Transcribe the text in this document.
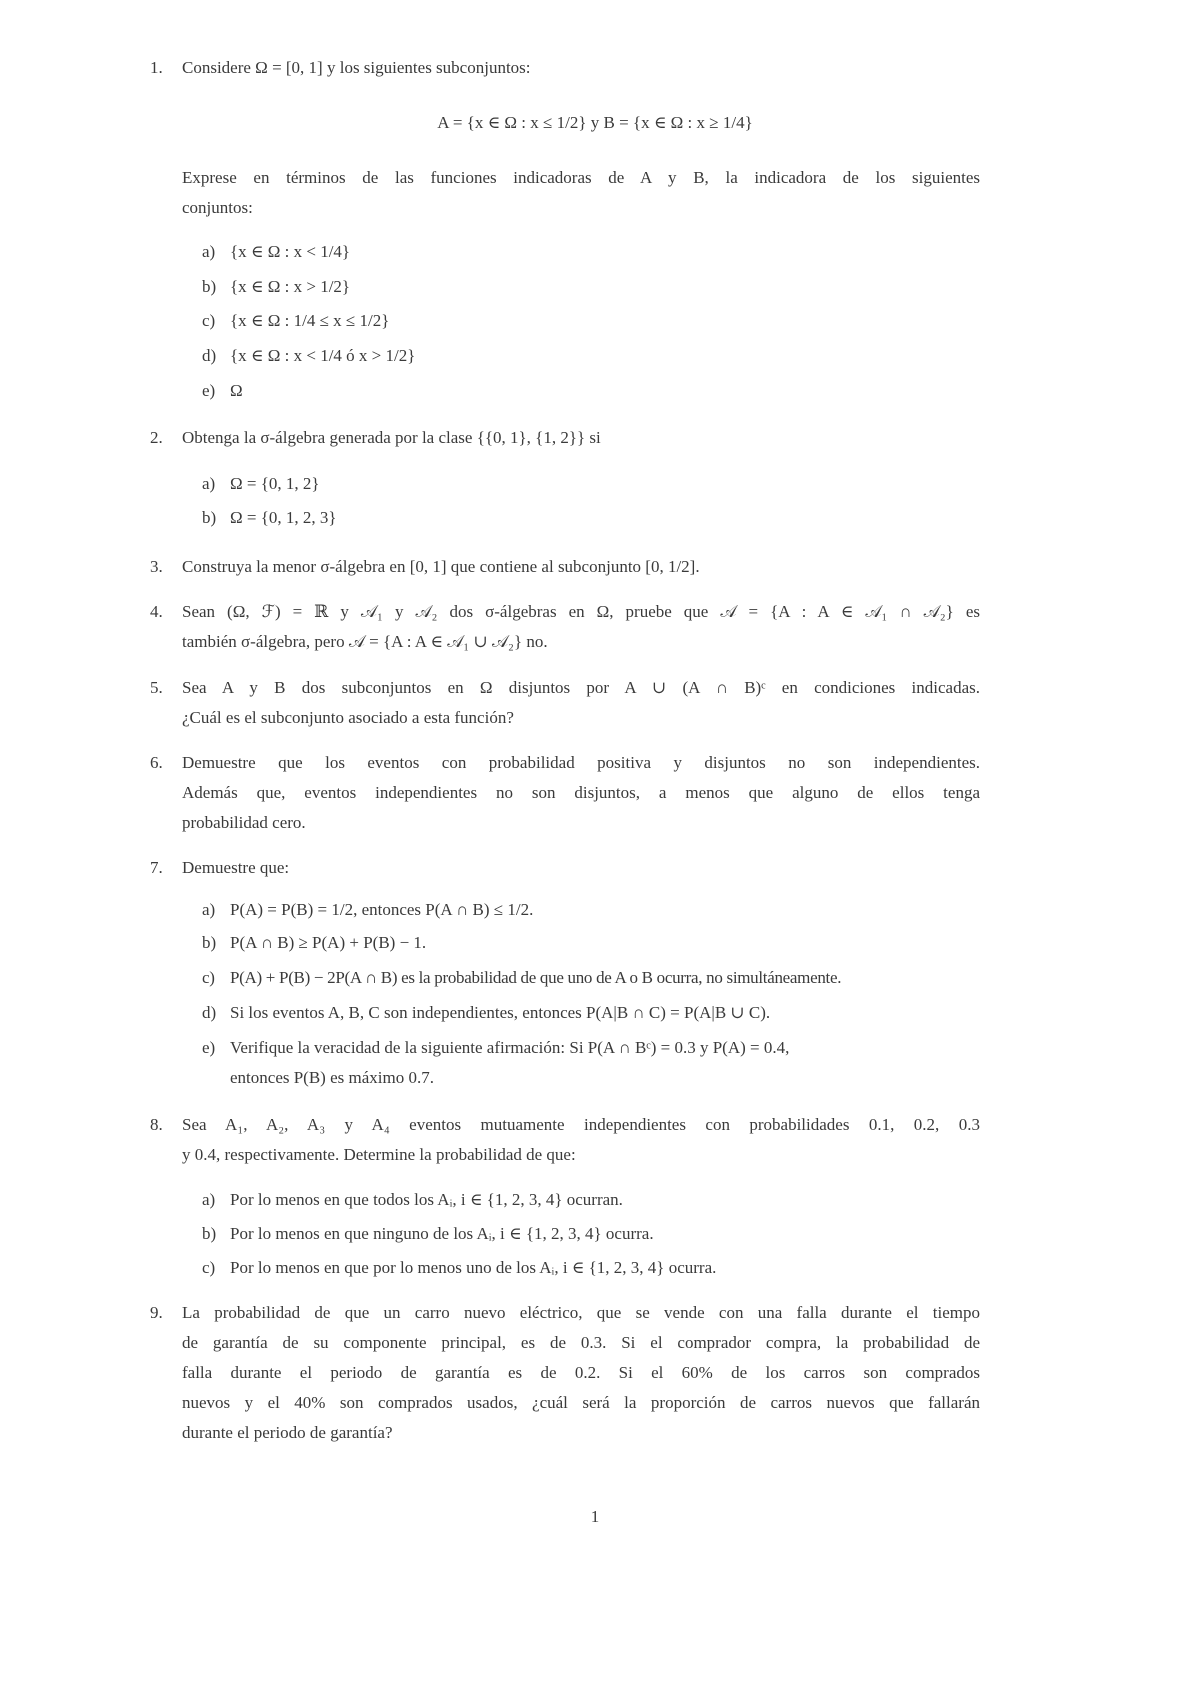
1. Considere Ω = [0, 1] y los siguientes subconjuntos:
A = {x ∈ Ω : x ≤ 1/2} y B = {x ∈ Ω : x ≥ 1/4}
Exprese en términos de las funciones indicadoras de A y B, la indicadora de los siguientes
conjuntos:
a) {x ∈ Ω : x < 1/4}
b) {x ∈ Ω : x > 1/2}
c) {x ∈ Ω : 1/4 ≤ x ≤ 1/2}
d) {x ∈ Ω : x < 1/4 ó x > 1/2}
e) Ω
2. Obtenga la σ-álgebra generada por la clase {{0, 1}, {1, 2}} si
a) Ω = {0, 1, 2}
b) Ω = {0, 1, 2, 3}
3. Construya la menor σ-álgebra en [0, 1] que contiene al subconjunto [0, 1/2].
4. Sean (Ω, ℱ) = ℝ y 𝒜₁ y 𝒜₂ dos σ-álgebras en Ω, pruebe que 𝒜 = {A : A ∈ 𝒜₁ ∩ 𝒜₂} es
también σ-álgebra, pero 𝒜 = {A : A ∈ 𝒜₁ ∪ 𝒜₂} no.
5. Sea A y B dos subconjuntos en Ω disjuntos por A ∪ (A ∩ B)ᶜ en condiciones indicadas.
¿Cuál es el subconjunto asociado a esta función?
6. Demuestre que los eventos con probabilidad positiva y disjuntos no son independientes.
Además que, eventos independientes no son disjuntos, a menos que alguno de ellos tenga
probabilidad cero.
7. Demuestre que:
a) P(A) = P(B) = 1/2, entonces P(A ∩ B) ≤ 1/2.
b) P(A ∩ B) ≥ P(A) + P(B) − 1.
c) P(A) + P(B) − 2P(A ∩ B) es la probabilidad de que uno de A o B ocurra, no simultáneamente.
d) Si los eventos A, B, C son independientes, entonces P(A|B ∩ C) = P(A|B ∪ C).
e) Verifique la veracidad de la siguiente afirmación: Si P(A ∩ Bᶜ) = 0.3 y P(A) = 0.4,
entonces P(B) es máximo 0.7.
8. Sea A₁, A₂, A₃ y A₄ eventos mutuamente independientes con probabilidades 0.1, 0.2, 0.3
y 0.4, respectivamente. Determine la probabilidad de que:
a) Por lo menos en que todos los Aᵢ, i ∈ {1, 2, 3, 4} ocurran.
b) Por lo menos en que ninguno de los Aᵢ, i ∈ {1, 2, 3, 4} ocurra.
c) Por lo menos en que por lo menos uno de los Aᵢ, i ∈ {1, 2, 3, 4} ocurra.
9. La probabilidad de que un carro nuevo eléctrico, que se vende con una falla durante el tiempo
de garantía de su componente principal, es de 0.3. Si el comprador compra, la probabilidad de
falla durante el periodo de garantía es de 0.2. Si el 60% de los carros son comprados
nuevos y el 40% son comprados usados, ¿cuál será la proporción de carros nuevos que fallarán
durante el periodo de garantía?
1
